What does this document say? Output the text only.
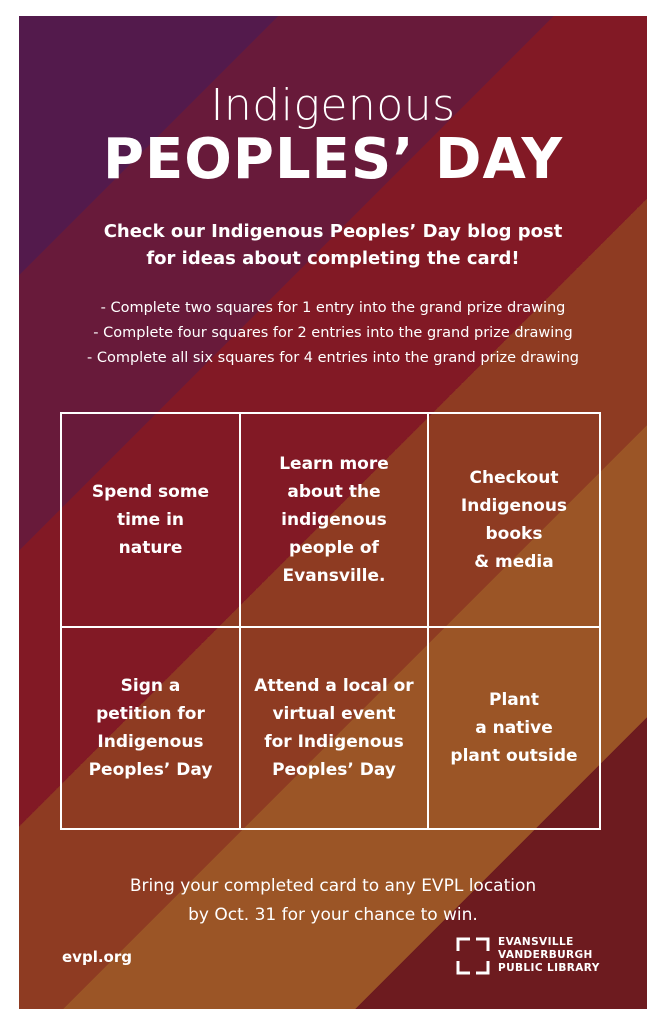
Indigenous
PEOPLES’ DAY
Check our Indigenous Peoples’ Day blog post
for ideas about completing the card!
- Complete two squares for 1 entry into the grand prize drawing
- Complete four squares for 2 entries into the grand prize drawing
- Complete all six squares for 4 entries into the grand prize drawing
Spend some
time in
nature
Learn more
about the
indigenous
people of
Evansville.
Checkout
Indigenous books
& media
Sign a
petition for
Indigenous
Peoples’ Day
Attend a local or
virtual event
for Indigenous
Peoples’ Day
Plant
a native
plant outside
Bring your completed card to any EVPL location
by Oct. 31 for your chance to win.
evpl.org
EVANSVILLE
VANDERBURGH
PUBLIC LIBRARY
